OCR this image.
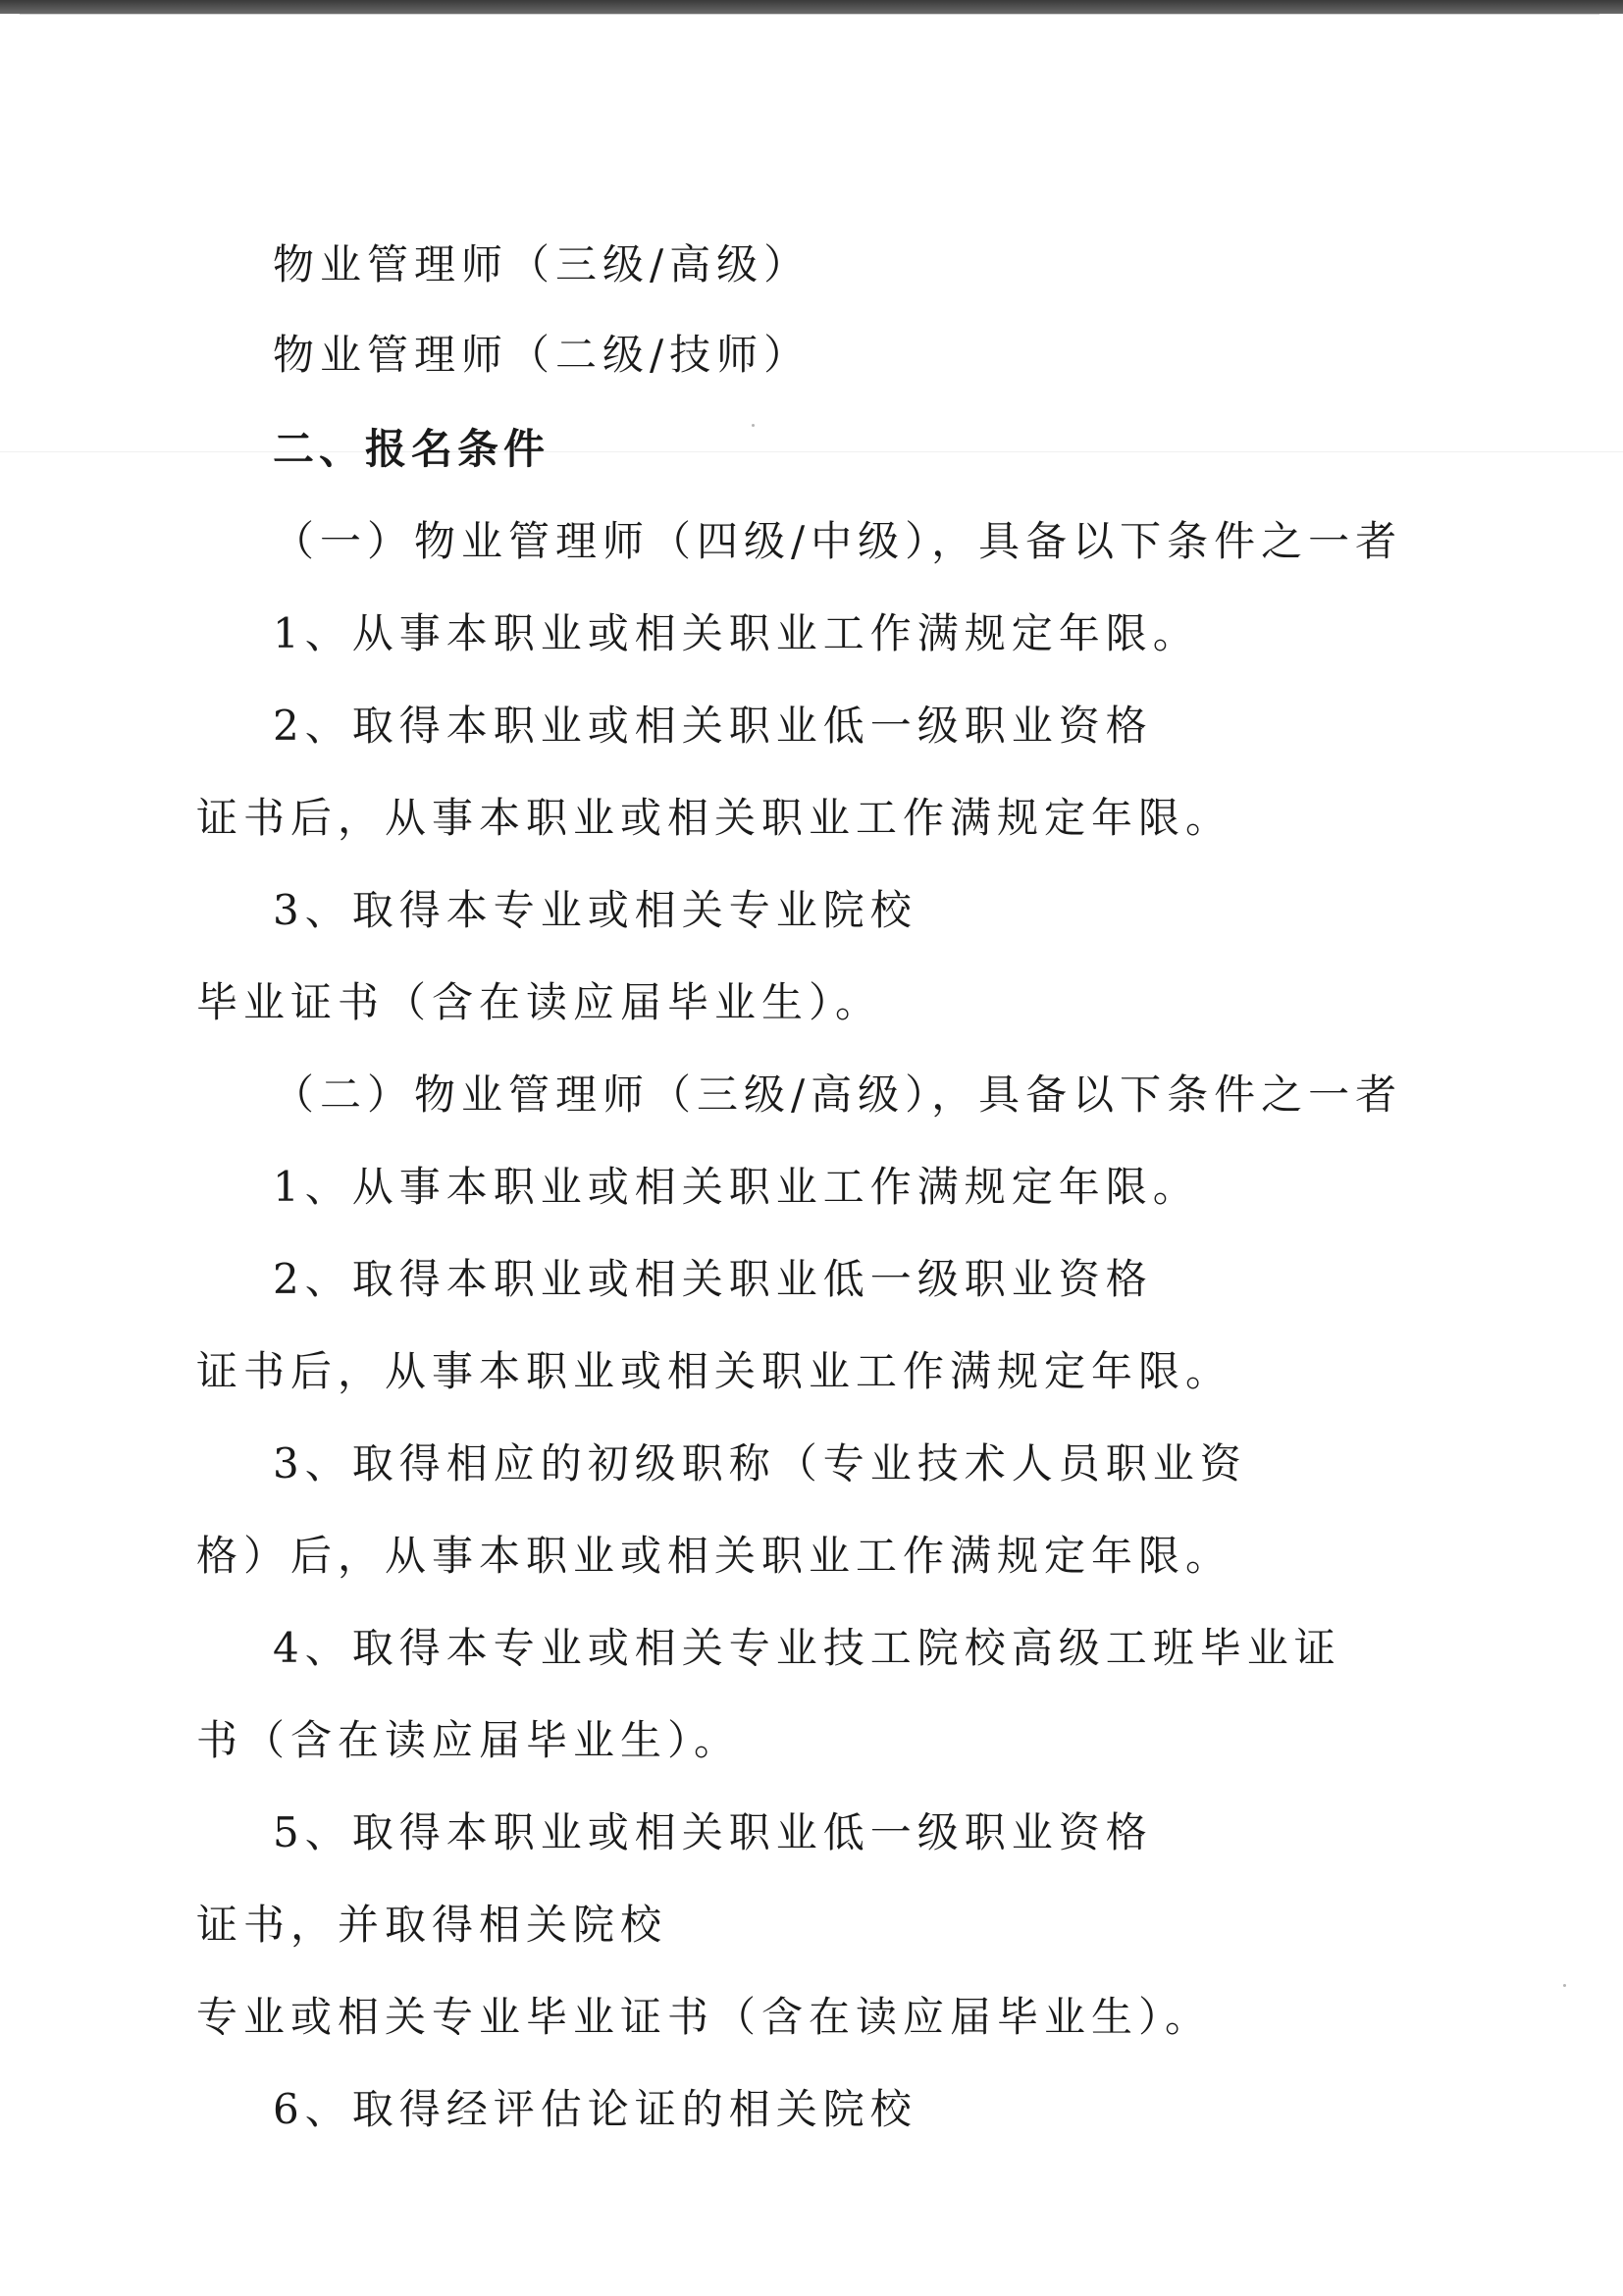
物业管理师（三级/高级）
物业管理师（二级/技师）
二、报名条件
（一）物业管理师（四级/中级），具备以下条件之一者
1、从事本职业或相关职业工作满规定年限。
2、取得本职业或相关职业低一级职业资格
证书后，从事本职业或相关职业工作满规定年限。
3、取得本专业或相关专业院校
毕业证书（含在读应届毕业生）。
（二）物业管理师（三级/高级），具备以下条件之一者
1、从事本职业或相关职业工作满规定年限。
2、取得本职业或相关职业低一级职业资格
证书后，从事本职业或相关职业工作满规定年限。
3、取得相应的初级职称（专业技术人员职业资
格）后，从事本职业或相关职业工作满规定年限。
4、取得本专业或相关专业技工院校高级工班毕业证
书（含在读应届毕业生）。
5、取得本职业或相关职业低一级职业资格
证书，并取得相关院校
专业或相关专业毕业证书（含在读应届毕业生）。
6、取得经评估论证的相关院校
